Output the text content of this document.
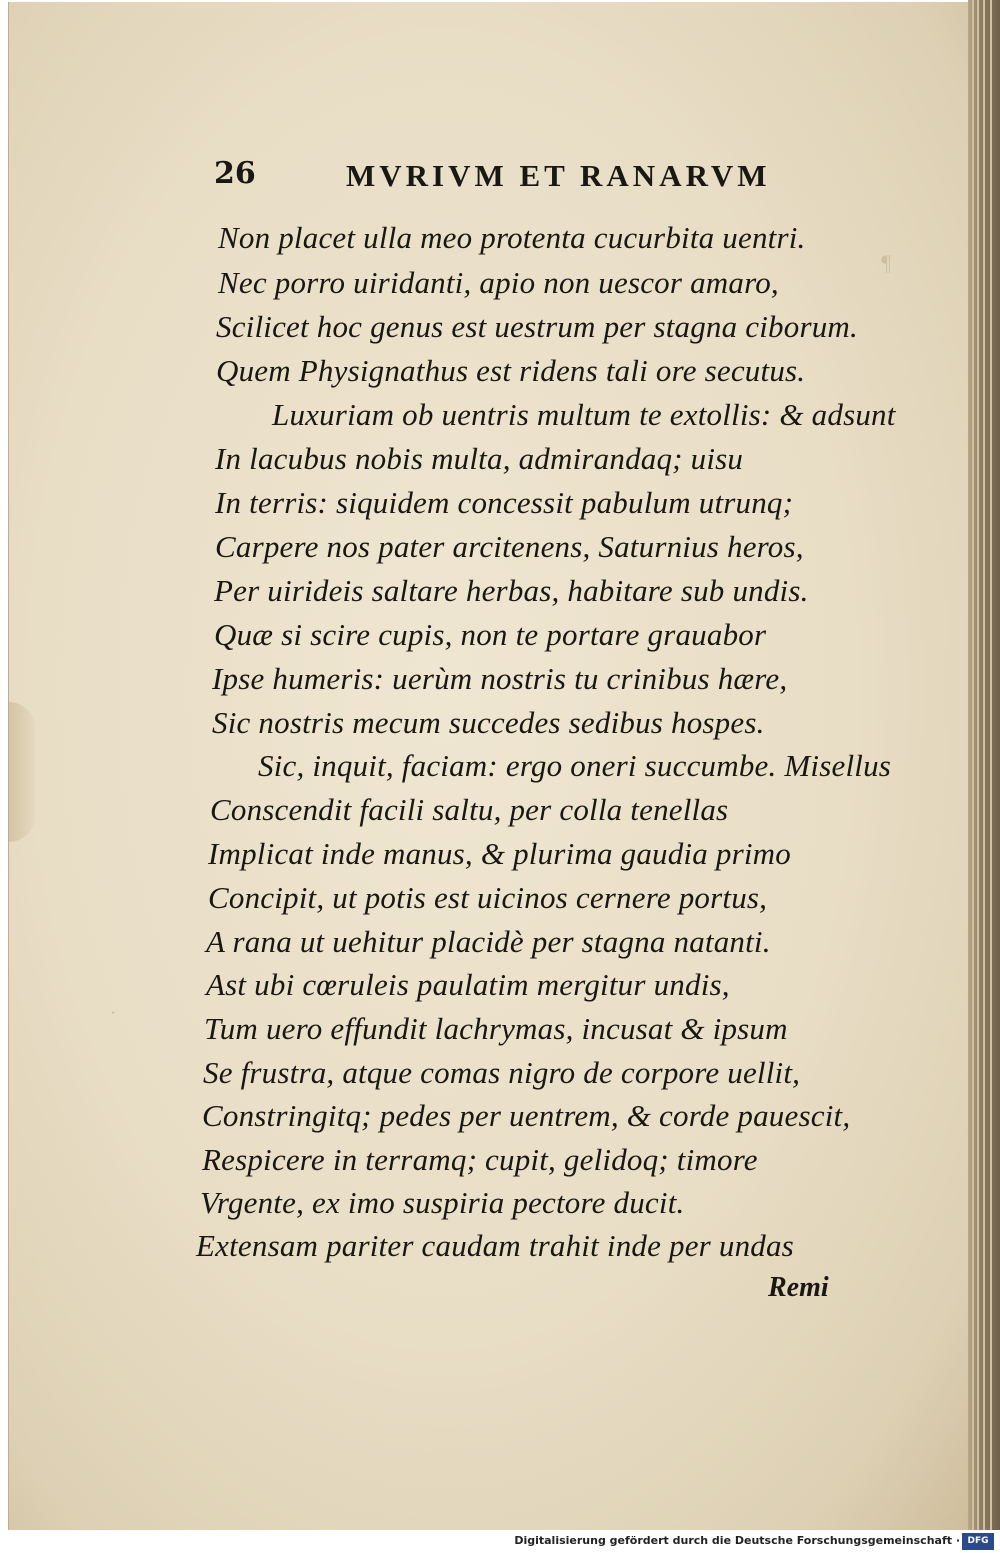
¶
·
26	MVRIVM ET RANARVM
Non placet ulla meo protenta cucurbita uentri.
Nec porro uiridanti, apio non uescor amaro,
Scilicet hoc genus est uestrum per stagna ciborum.
Quem Physignathus est ridens tali ore secutus.
Luxuriam ob uentris multum te extollis: & adsunt
In lacubus nobis multa, admirandaq; uisu
In terris: siquidem concessit pabulum utrunq;
Carpere nos pater arcitenens, Saturnius heros,
Per uirideis saltare herbas, habitare sub undis.
Quæ si scire cupis, non te portare grauabor
Ipse humeris: uerùm nostris tu crinibus hære,
Sic nostris mecum succedes sedibus hospes.
Sic, inquit, faciam: ergo oneri succumbe. Misellus
Conscendit facili saltu, per colla tenellas
Implicat inde manus, & plurima gaudia primo
Concipit, ut potis est uicinos cernere portus,
A rana ut uehitur placidè per stagna natanti.
Ast ubi cœruleis paulatim mergitur undis,
Tum uero effundit lachrymas, incusat & ipsum
Se frustra, atque comas nigro de corpore uellit,
Constringitq; pedes per uentrem, & corde pauescit,
Respicere in terramq; cupit, gelidoq; timore
Vrgente, ex imo suspiria pectore ducit.
Extensam pariter caudam trahit inde per undas
Remi
Digitalisierung gefördert durch die Deutsche Forschungsgemeinschaft · DFG
